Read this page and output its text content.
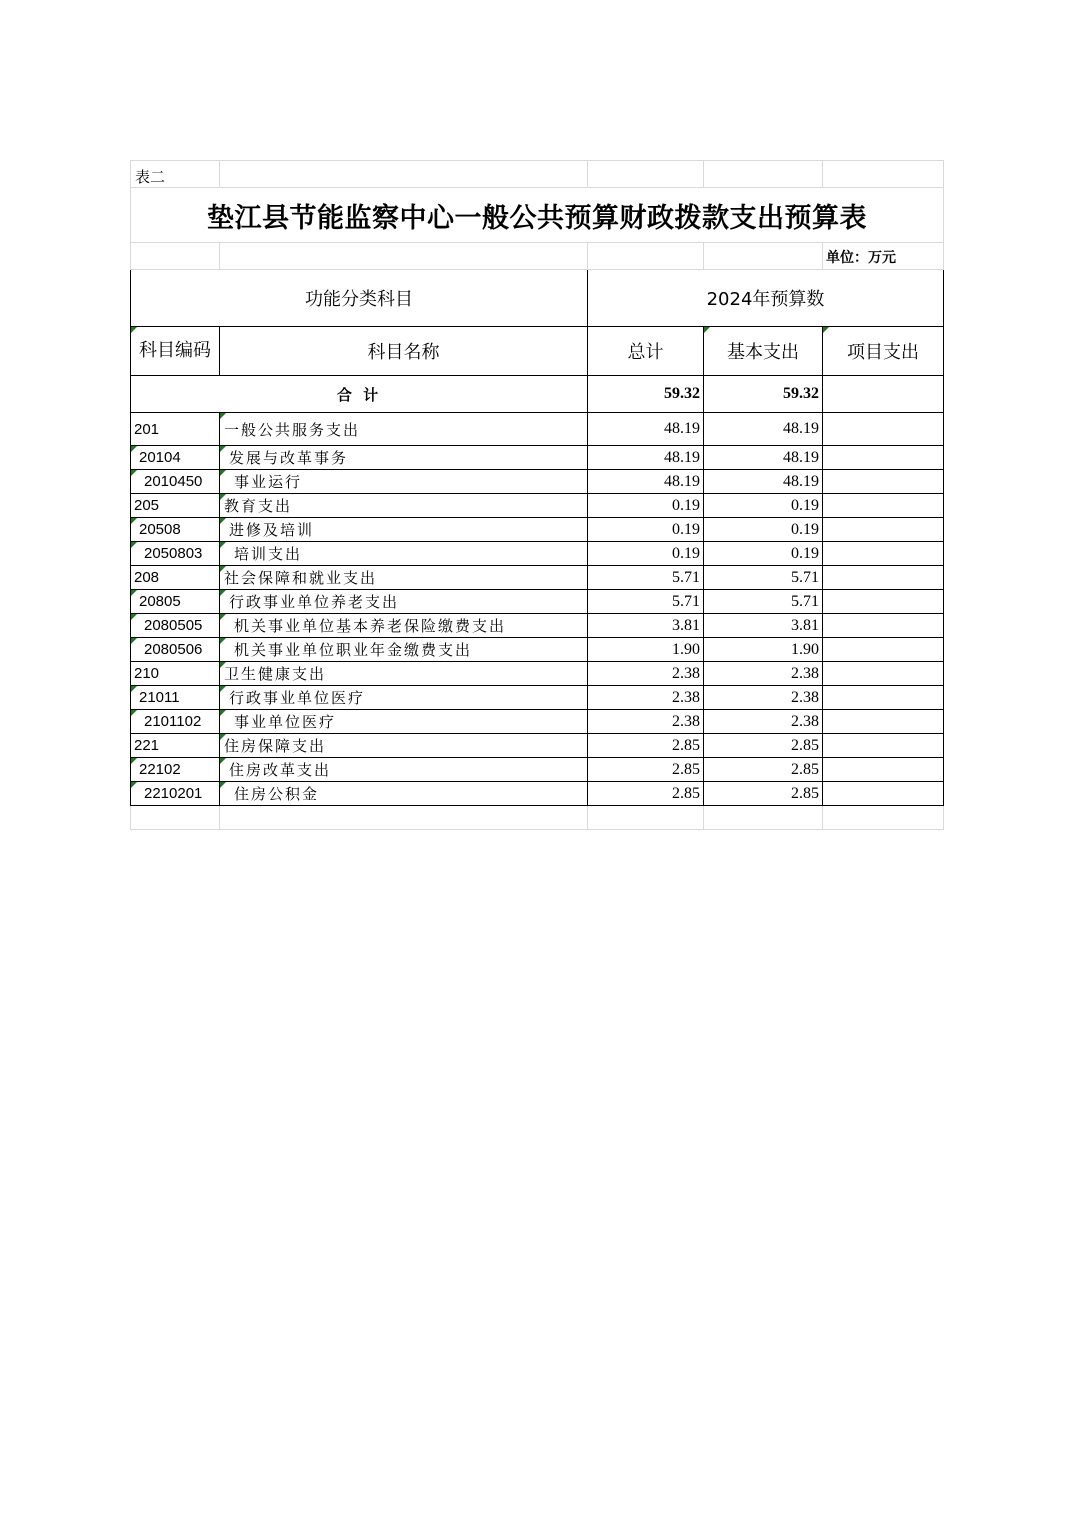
表二				
垫江县节能监察中心一般公共预算财政拨款支出预算表				
				单位：万元
功能分类科目		2024年预算数		
科目编码	科目名称	总计	基本支出	项目支出
合 计		59.32	59.32	
201	一般公共服务支出	48.19	48.19	
20104	发展与改革事务	48.19	48.19	
2010450	事业运行	48.19	48.19	
205	教育支出	0.19	0.19	
20508	进修及培训	0.19	0.19	
2050803	培训支出	0.19	0.19	
208	社会保障和就业支出	5.71	5.71	
20805	行政事业单位养老支出	5.71	5.71	
2080505	机关事业单位基本养老保险缴费支出	3.81	3.81	
2080506	机关事业单位职业年金缴费支出	1.90	1.90	
210	卫生健康支出	2.38	2.38	
21011	行政事业单位医疗	2.38	2.38	
2101102	事业单位医疗	2.38	2.38	
221	住房保障支出	2.85	2.85	
22102	住房改革支出	2.85	2.85	
2210201	住房公积金	2.85	2.85	
